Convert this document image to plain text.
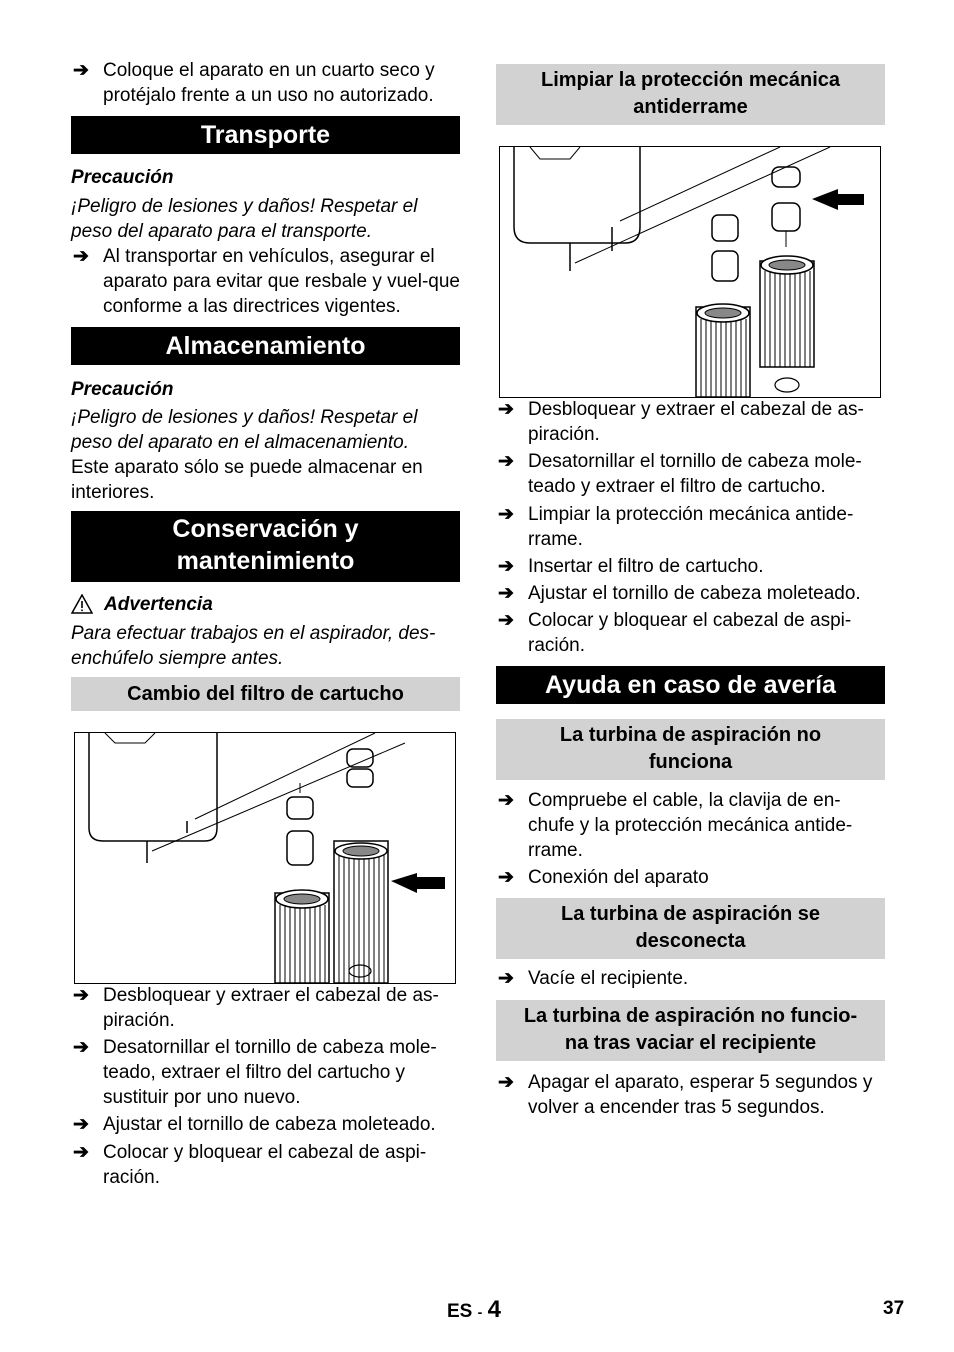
➔ Coloque el aparato en un cuarto seco y protéjalo frente a un uso no autorizado.
Transporte
Precaución
¡Peligro de lesiones y daños! Respetar el peso del aparato para el transporte.
➔ Al transportar en vehículos, asegurar el aparato para evitar que resbale y vuel-que conforme a las directrices vigentes.
Almacenamiento
Precaución
¡Peligro de lesiones y daños! Respetar el peso del aparato en el almacenamiento.
Este aparato sólo se puede almacenar en interiores.
Conservación y
mantenimiento
Advertencia
Para efectuar trabajos en el aspirador, des-enchúfelo siempre antes.
Cambio del filtro de cartucho
➔ Desbloquear y extraer el cabezal de as-piración.
➔ Desatornillar el tornillo de cabeza mole-teado, extraer el filtro del cartucho y sustituir por uno nuevo.
➔ Ajustar el tornillo de cabeza moleteado.
➔ Colocar y bloquear el cabezal de aspi-ración.
Limpiar la protección mecánica
antiderrame
➔ Desbloquear y extraer el cabezal de as-piración.
➔ Desatornillar el tornillo de cabeza mole-teado y extraer el filtro de cartucho.
➔ Limpiar la protección mecánica antide-rrame.
➔ Insertar el filtro de cartucho.
➔ Ajustar el tornillo de cabeza moleteado.
➔ Colocar y bloquear el cabezal de aspi-ración.
Ayuda en caso de avería
La turbina de aspiración no
funciona
➔ Compruebe el cable, la clavija de en-chufe y la protección mecánica antide-rrame.
➔ Conexión del aparato
La turbina de aspiración se
desconecta
➔ Vacíe el recipiente.
La turbina de aspiración no funcio-
na tras vaciar el recipiente
➔ Apagar el aparato, esperar 5 segundos y volver a encender tras 5 segundos.
ES - 4	37
